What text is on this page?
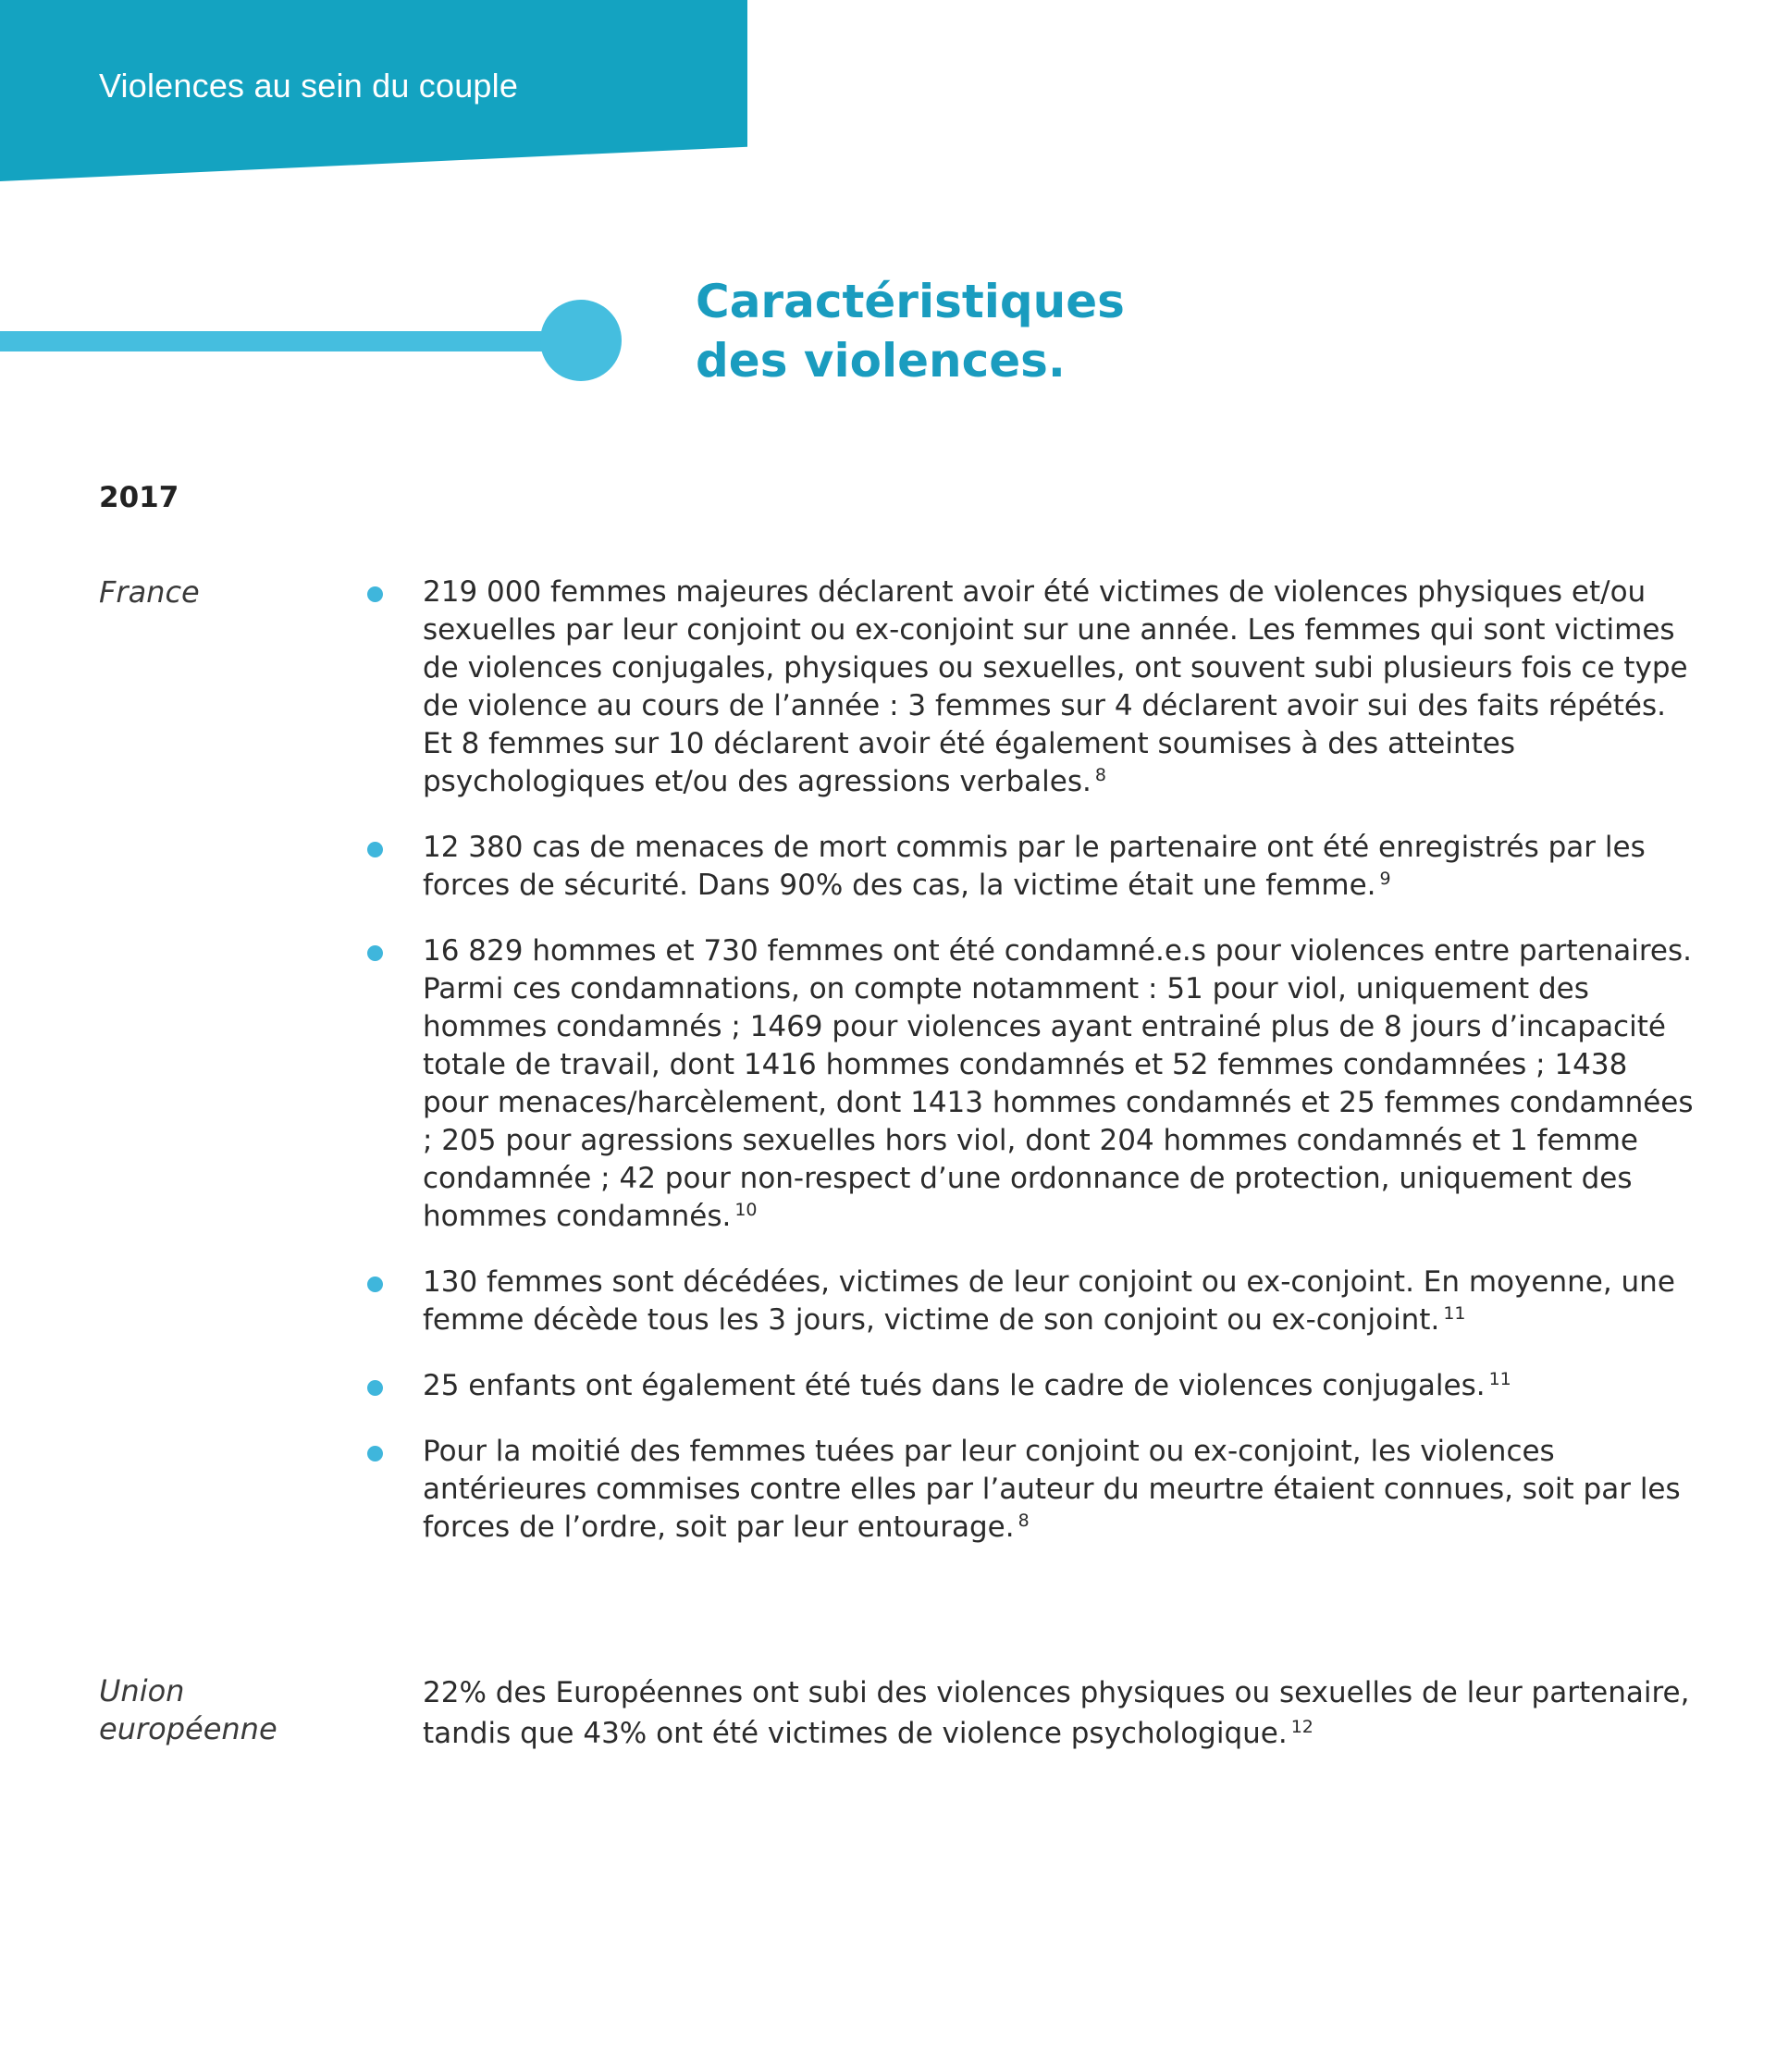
Violences au sein du couple
Caractéristiques
des violences.
2017
France	219 000 femmes majeures déclarent avoir été victimes de violences physiques et/ou sexuelles par leur conjoint ou ex-conjoint sur une année. Les femmes qui sont victimes de violences conjugales, physiques ou sexuelles, ont souvent subi plusieurs fois ce type de violence au cours de l’année : 3 femmes sur 4 déclarent avoir sui des faits répétés. Et 8 femmes sur 10 déclarent avoir été également soumises à des atteintes psychologiques et/ou des agressions verbales. $^8$

12 380 cas de menaces de mort commis par le partenaire ont été enregistrés par les forces de sécurité. Dans 90% des cas, la victime était une femme. $^9$

16 829 hommes et 730 femmes ont été condamné.e.s pour violences entre partenaires. Parmi ces condamnations, on compte notamment : 51 pour viol, uniquement des hommes condamnés ; 1469 pour violences ayant entrainé plus de 8 jours d’incapacité totale de travail, dont 1416 hommes condamnés et 52 femmes condamnées ; 1438 pour menaces/harcèlement, dont 1413 hommes condamnés et 25 femmes condamnées ; 205 pour agressions sexuelles hors viol, dont 204 hommes condamnés et 1 femme condamnée ; 42 pour non-respect d’une ordonnance de protection, uniquement des hommes condamnés. $^{10}$

130 femmes sont décédées, victimes de leur conjoint ou ex-conjoint. En moyenne, une femme décède tous les 3 jours, victime de son conjoint ou ex-conjoint. $^{11}$

25 enfants ont également été tués dans le cadre de violences conjugales. $^{11}$

Pour la moitié des femmes tuées par leur conjoint ou ex-conjoint, les violences antérieures commises contre elles par l’auteur du meurtre étaient connues, soit par les forces de l’ordre, soit par leur entourage. $^8$

Union
européenne

22% des Européennes ont subi des violences physiques ou sexuelles de leur partenaire, tandis que 43% ont été victimes de violence psychologique. $^{12}$
